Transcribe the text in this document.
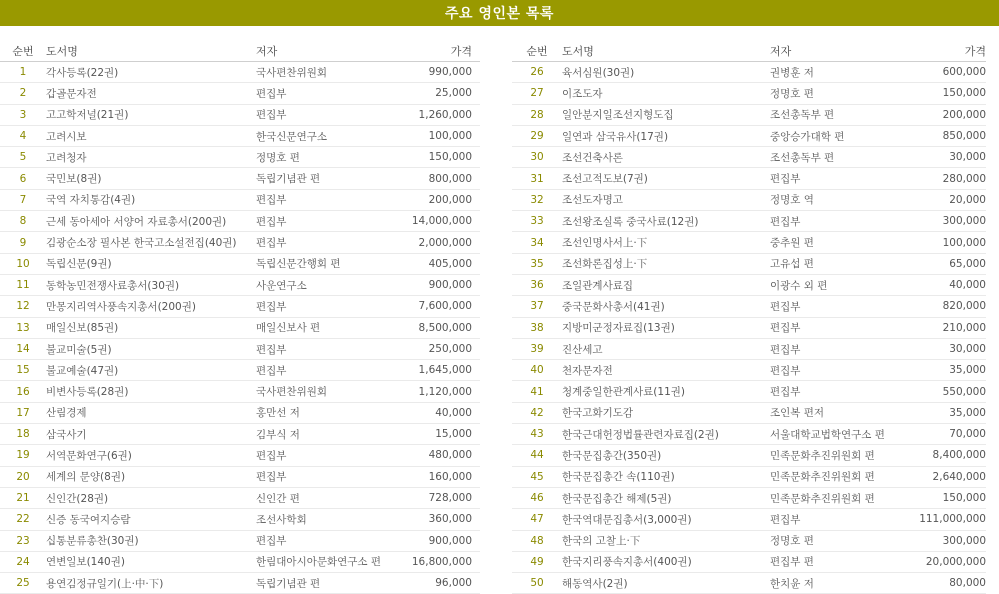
주요 영인본 목록
순번	도서명	저자	가격
1	각사등록(22권)	국사편찬위원회	990,000
2	갑골문자전	편집부	25,000
3	고고학저널(21권)	편집부	1,260,000
4	고려시보	한국신문연구소	100,000
5	고려청자	정명호 편	150,000
6	국민보(8권)	독립기념관 편	800,000
7	국역 자치통감(4권)	편집부	200,000
8	근세 동아세아 서양어 자료총서(200권)	편집부	14,000,000
9	김광순소장 필사본 한국고소설전집(40권)	편집부	2,000,000
10	독립신문(9권)	독립신문간행회 편	405,000
11	동학농민전쟁사료총서(30권)	사운연구소	900,000
12	만몽지리역사풍속지총서(200권)	편집부	7,600,000
13	매일신보(85권)	매일신보사 편	8,500,000
14	불교미술(5권)	편집부	250,000
15	불교예술(47권)	편집부	1,645,000
16	비변사등록(28권)	국사편찬위원회	1,120,000
17	산림경제	홍만선 저	40,000
18	삼국사기	김부식 저	15,000
19	서역문화연구(6권)	편집부	480,000
20	세계의 문양(8권)	편집부	160,000
21	신인간(28권)	신인간 편	728,000
22	신증 동국여지승람	조선사학회	360,000
23	십통분류총찬(30권)	편집부	900,000
24	연변일보(140권)	한림대아시아문화연구소 편	16,800,000
25	용연김정규일기(上·中·下)	독립기념관 편	96,000
순번	도서명	저자	가격
26	육서심원(30권)	권병훈 저	600,000
27	이조도자	정명호 편	150,000
28	일안분지일조선지형도집	조선총독부 편	200,000
29	일연과 삼국유사(17권)	중앙승가대학 편	850,000
30	조선건축사론	조선총독부 편	30,000
31	조선고적도보(7권)	편집부	280,000
32	조선도자명고	정명호 역	20,000
33	조선왕조실록 중국사료(12권)	편집부	300,000
34	조선인명사서上·下	중추원 편	100,000
35	조선화론집성上·下	고유섭 편	65,000
36	조일관계사료집	이광수 외 편	40,000
37	중국문화사총서(41권)	편집부	820,000
38	지방미군정자료집(13권)	편집부	210,000
39	진산세고	편집부	30,000
40	천자문자전	편집부	35,000
41	청계중일한관계사료(11권)	편집부	550,000
42	한국고화기도감	조인복 편저	35,000
43	한국근대헌정법률관련자료집(2권)	서울대학교법학연구소 편	70,000
44	한국문집총간(350권)	민족문화추진위원회 편	8,400,000
45	한국문집총간 속(110권)	민족문화추진위원회 편	2,640,000
46	한국문집총간 해제(5권)	민족문화추진위원회 편	150,000
47	한국역대문집총서(3,000권)	편집부	111,000,000
48	한국의 고찰上·下	정명호 편	300,000
49	한국지리풍속지총서(400권)	편집부 편	20,000,000
50	해동역사(2권)	한치윤 저	80,000
